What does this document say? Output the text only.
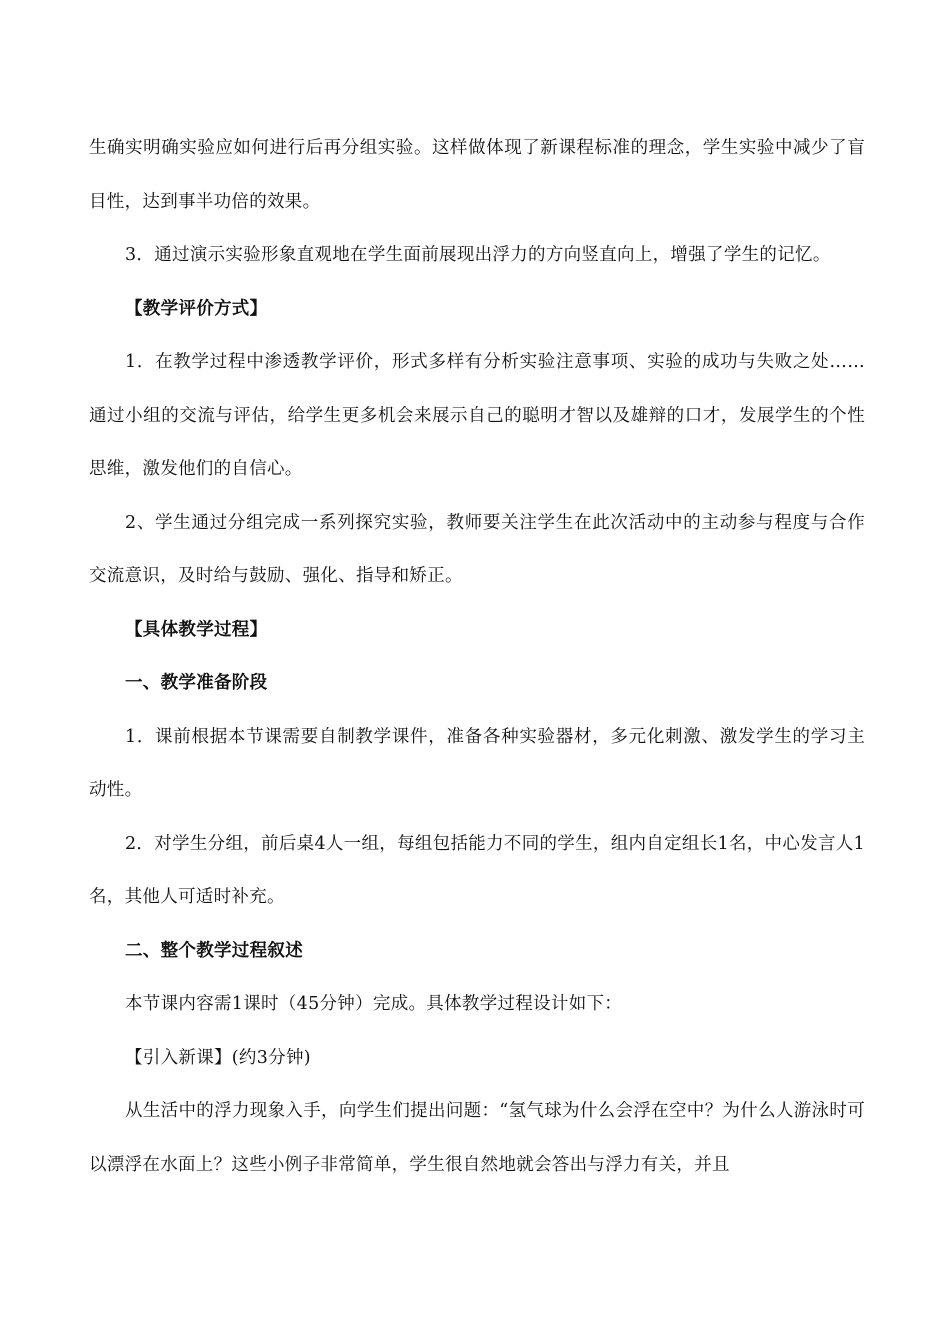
生确实明确实验应如何进行后再分组实验。这样做体现了新课程标准的理念，学生实验中减少了盲目性，达到事半功倍的效果。

3．通过演示实验形象直观地在学生面前展现出浮力的方向竖直向上，增强了学生的记忆。

【教学评价方式】

1．在教学过程中渗透教学评价，形式多样有分析实验注意事项、实验的成功与失败之处……通过小组的交流与评估，给学生更多机会来展示自己的聪明才智以及雄辩的口才，发展学生的个性思维，激发他们的自信心。

2、学生通过分组完成一系列探究实验，教师要关注学生在此次活动中的主动参与程度与合作交流意识，及时给与鼓励、强化、指导和矫正。

【具体教学过程】

一、教学准备阶段

1．课前根据本节课需要自制教学课件，准备各种实验器材，多元化刺激、激发学生的学习主动性。

2．对学生分组，前后桌4人一组，每组包括能力不同的学生，组内自定组长1名，中心发言人1名，其他人可适时补充。

二、整个教学过程叙述

本节课内容需1课时（45分钟）完成。具体教学过程设计如下：

【引入新课】(约3分钟)

从生活中的浮力现象入手，向学生们提出问题：“氢气球为什么会浮在空中？为什么人游泳时可以漂浮在水面上？这些小例子非常简单，学生很自然地就会答出与浮力有关，并且
